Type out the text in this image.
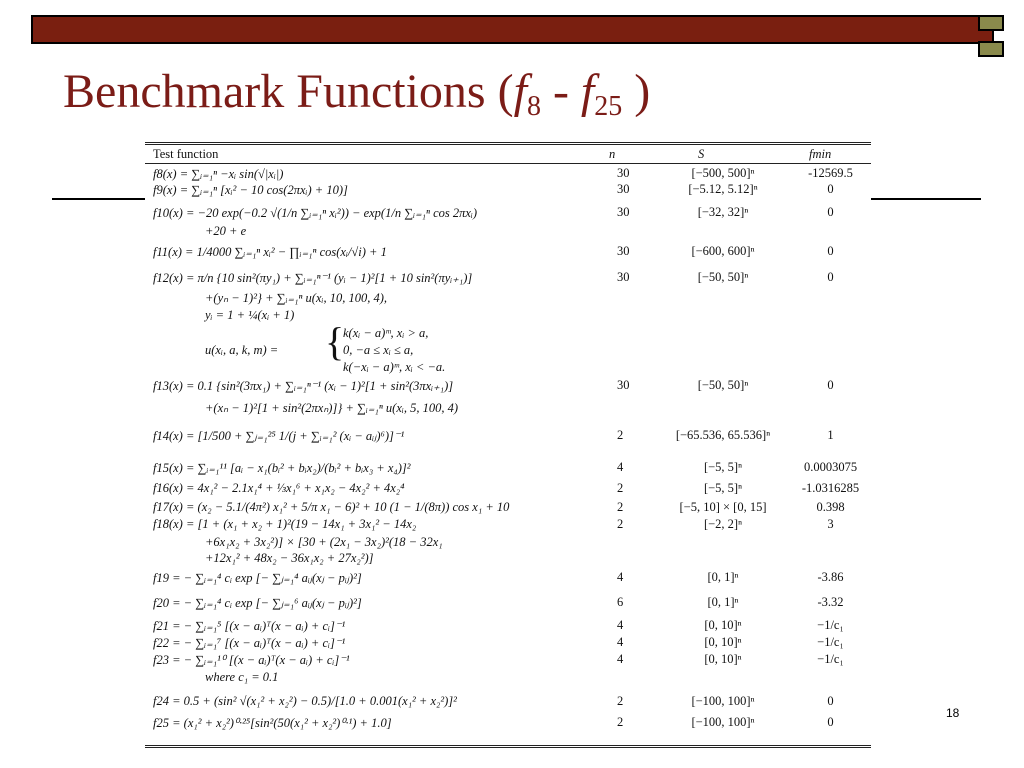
Benchmark Functions ($f_8 - f_{25}$ )
Test function	n	S	fmin
f8(x) = ∑ᵢ₌₁ⁿ −xᵢ sin(√|xᵢ|)	30	[−500, 500]ⁿ	-12569.5
f9(x) = ∑ᵢ₌₁ⁿ [xᵢ² − 10 cos(2πxᵢ) + 10)]	30	[−5.12, 5.12]ⁿ	0
f10(x) = −20 exp(−0.2 √(1/n ∑ᵢ₌₁ⁿ xᵢ²)) − exp(1/n ∑ᵢ₌₁ⁿ cos 2πxᵢ)	30	[−32, 32]ⁿ	0
+20 + e
f11(x) = 1/4000 ∑ᵢ₌₁ⁿ xᵢ² − ∏ᵢ₌₁ⁿ cos(xᵢ/√i) + 1	30	[−600, 600]ⁿ	0
f12(x) = π/n {10 sin²(πy₁) + ∑ᵢ₌₁ⁿ⁻¹ (yᵢ − 1)²[1 + 10 sin²(πyᵢ₊₁)]	30	[−50, 50]ⁿ	0
+(yₙ − 1)²} + ∑ᵢ₌₁ⁿ u(xᵢ, 10, 100, 4),
yᵢ = 1 + ¼(xᵢ + 1)
u(xᵢ, a, k, m) = {
k(xᵢ − a)ᵐ, xᵢ > a,
0, −a ≤ xᵢ ≤ a,
k(−xᵢ − a)ᵐ, xᵢ < −a.
f13(x) = 0.1 {sin²(3πx₁) + ∑ᵢ₌₁ⁿ⁻¹ (xᵢ − 1)²[1 + sin²(3πxᵢ₊₁)]	30	[−50, 50]ⁿ	0
+(xₙ − 1)²[1 + sin²(2πxₙ)]} + ∑ᵢ₌₁ⁿ u(xᵢ, 5, 100, 4)
f14(x) = [1/500 + ∑ⱼ₌₁²⁵ 1/(j + ∑ᵢ₌₁² (xᵢ − aᵢⱼ)⁶)]⁻¹	2	[−65.536, 65.536]ⁿ	1
f15(x) = ∑ᵢ₌₁¹¹ [aᵢ − x₁(bᵢ² + bᵢx₂)/(bᵢ² + bᵢx₃ + x₄)]²	4	[−5, 5]ⁿ	0.0003075
f16(x) = 4x₁² − 2.1x₁⁴ + ⅓x₁⁶ + x₁x₂ − 4x₂² + 4x₂⁴	2	[−5, 5]ⁿ	-1.0316285
f17(x) = (x₂ − 5.1/(4π²) x₁² + 5/π x₁ − 6)² + 10 (1 − 1/(8π)) cos x₁ + 10	2	[−5, 10] × [0, 15]	0.398
f18(x) = [1 + (x₁ + x₂ + 1)²(19 − 14x₁ + 3x₁² − 14x₂	2	[−2, 2]ⁿ	3
+6x₁x₂ + 3x₂²)] × [30 + (2x₁ − 3x₂)²(18 − 32x₁
+12x₁² + 48x₂ − 36x₁x₂ + 27x₂²)]
f19 = − ∑ᵢ₌₁⁴ cᵢ exp [− ∑ⱼ₌₁⁴ aᵢⱼ(xⱼ − pᵢⱼ)²]	4	[0, 1]ⁿ	-3.86
f20 = − ∑ᵢ₌₁⁴ cᵢ exp [− ∑ⱼ₌₁⁶ aᵢⱼ(xⱼ − pᵢⱼ)²]	6	[0, 1]ⁿ	-3.32
f21 = − ∑ᵢ₌₁⁵ [(x − aᵢ)ᵀ(x − aᵢ) + cᵢ]⁻¹	4	[0, 10]ⁿ	−1/c₁
f22 = − ∑ᵢ₌₁⁷ [(x − aᵢ)ᵀ(x − aᵢ) + cᵢ]⁻¹	4	[0, 10]ⁿ	−1/c₁
f23 = − ∑ᵢ₌₁¹⁰ [(x − aᵢ)ᵀ(x − aᵢ) + cᵢ]⁻¹	4	[0, 10]ⁿ	−1/c₁
where c₁ = 0.1
f24 = 0.5 + (sin² √(x₁² + x₂²) − 0.5)/[1.0 + 0.001(x₁² + x₂²)]²	2	[−100, 100]ⁿ	0
f25 = (x₁² + x₂²)⁰·²⁵[sin²(50(x₁² + x₂²)⁰·¹) + 1.0]	2	[−100, 100]ⁿ	0
18
